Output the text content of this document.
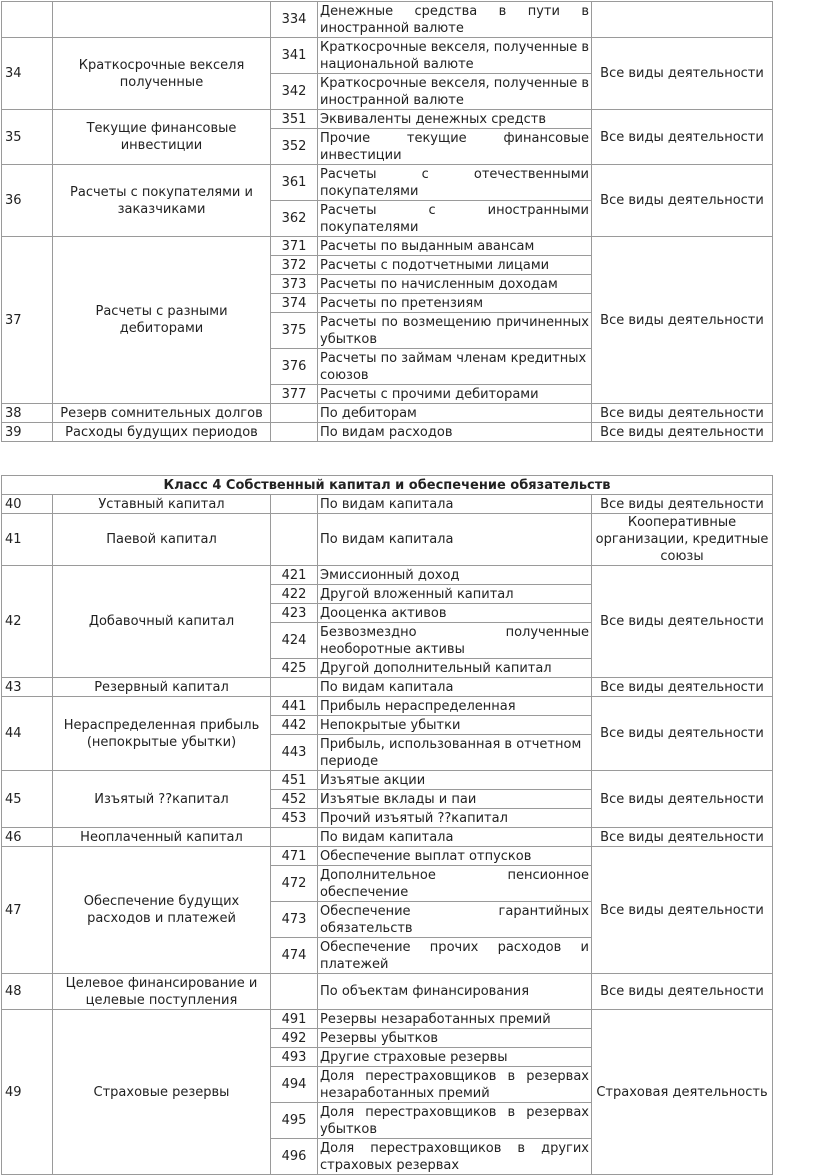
		334	Денежные средства в пути в иностранной валюте	
34	Краткосрочные векселя полученные	341	Краткосрочные векселя, полученные в национальной валюте	Все виды деятельности
		342	Краткосрочные векселя, полученные в иностранной валюте	
35	Текущие финансовые инвестиции	351	Эквиваленты денежных средств	Все виды деятельности
		352	Прочие текущие финансовые инвестиции	
36	Расчеты с покупателями и заказчиками	361	Расчеты с отечественными покупателями	Все виды деятельности
		362	Расчеты с иностранными покупателями	
37	Расчеты с разными дебиторами	371	Расчеты по выданным авансам	Все виды деятельности
		372	Расчеты с подотчетными лицами	
		373	Расчеты по начисленным доходам	
		374	Расчеты по претензиям	
		375	Расчеты по возмещению причиненных убытков	
		376	Расчеты по займам членам кредитных союзов	
		377	Расчеты с прочими дебиторами	
38	Резерв сомнительных долгов		По дебиторам	Все виды деятельности
39	Расходы будущих периодов		По видам расходов	Все виды деятельности
Класс 4 Собственный капитал и обеспечение обязательств				
40	Уставный капитал		По видам капитала	Все виды деятельности
41	Паевой капитал		По видам капитала	Кооперативные организации, кредитные союзы
42	Добавочный капитал	421	Эмиссионный доход	Все виды деятельности
		422	Другой вложенный капитал	
		423	Дооценка активов	
		424	Безвозмездно полученные необоротные активы	
		425	Другой дополнительный капитал	
43	Резервный капитал		По видам капитала	Все виды деятельности
44	Нераспределенная прибыль (непокрытые убытки)	441	Прибыль нераспределенная	Все виды деятельности
		442	Непокрытые убытки	
		443	Прибыль, использованная в отчетном периоде	
45	Изъятый ??капитал	451	Изъятые акции	Все виды деятельности
		452	Изъятые вклады и паи	
		453	Прочий изъятый ??капитал	
46	Неоплаченный капитал		По видам капитала	Все виды деятельности
47	Обеспечение будущих расходов и платежей	471	Обеспечение выплат отпусков	Все виды деятельности
		472	Дополнительное пенсионное обеспечение	
		473	Обеспечение гарантийных обязательств	
		474	Обеспечение прочих расходов и платежей	
48	Целевое финансирование и целевые поступления		По объектам финансирования	Все виды деятельности
49	Страховые резервы	491	Резервы незаработанных премий	Страховая деятельность
		492	Резервы убытков	
		493	Другие страховые резервы	
		494	Доля перестраховщиков в резервах незаработанных премий	
		495	Доля перестраховщиков в резервах убытков	
		496	Доля перестраховщиков в других страховых резервах	
